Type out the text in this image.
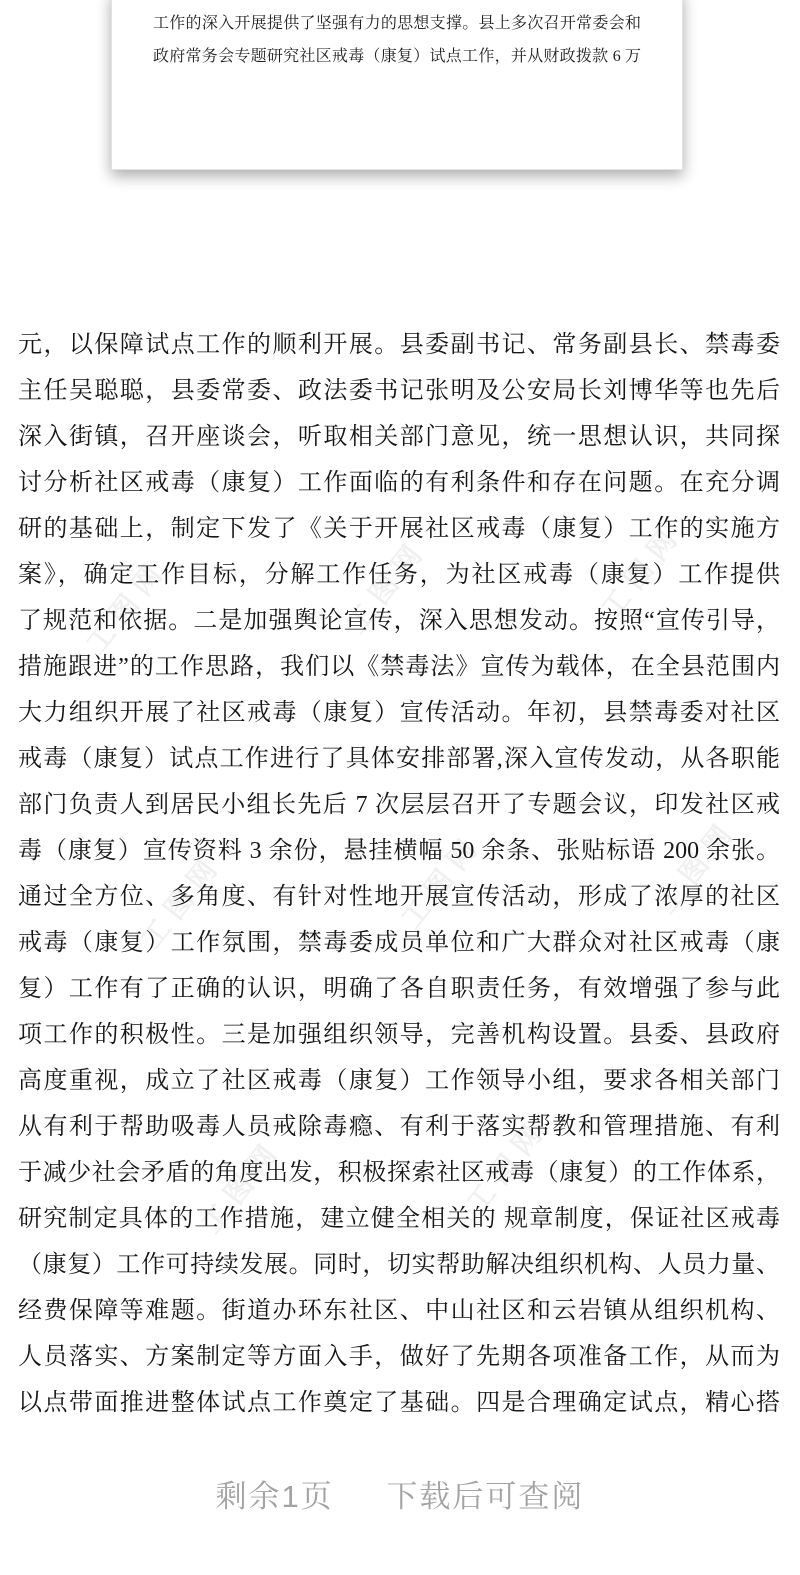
工作的深入开展提供了坚强有力的思想支撑。县上多次召开常委会和
政府常务会专题研究社区戒毒（康复）试点工作，并从财政拨款 6 万
工图网	工图网	工图网
工图网	工图网	工图网
工图网	工图网
元，以保障试点工作的顺利开展。县委副书记、常务副县长、禁毒委
主任吴聪聪，县委常委、政法委书记张明及公安局长刘博华等也先后
深入街镇，召开座谈会，听取相关部门意见，统一思想认识，共同探
讨分析社区戒毒（康复）工作面临的有利条件和存在问题。在充分调
研的基础上，制定下发了《关于开展社区戒毒（康复）工作的实施方
案》，确定工作目标，分解工作任务，为社区戒毒（康复）工作提供
了规范和依据。二是加强舆论宣传，深入思想发动。按照“宣传引导，
措施跟进”的工作思路，我们以《禁毒法》宣传为载体，在全县范围内
大力组织开展了社区戒毒（康复）宣传活动。年初，县禁毒委对社区
戒毒（康复）试点工作进行了具体安排部署,深入宣传发动，从各职能
部门负责人到居民小组长先后 7 次层层召开了专题会议，印发社区戒
毒（康复）宣传资料 3 余份，悬挂横幅 50 余条、张贴标语 200 余张。
通过全方位、多角度、有针对性地开展宣传活动，形成了浓厚的社区
戒毒（康复）工作氛围，禁毒委成员单位和广大群众对社区戒毒（康
复）工作有了正确的认识，明确了各自职责任务，有效增强了参与此
项工作的积极性。三是加强组织领导，完善机构设置。县委、县政府
高度重视，成立了社区戒毒（康复）工作领导小组，要求各相关部门
从有利于帮助吸毒人员戒除毒瘾、有利于落实帮教和管理措施、有利
于减少社会矛盾的角度出发，积极探索社区戒毒（康复）的工作体系，
研究制定具体的工作措施，建立健全相关的 规章制度，保证社区戒毒
（康复）工作可持续发展。同时，切实帮助解决组织机构、人员力量、
经费保障等难题。街道办环东社区、中山社区和云岩镇从组织机构、
人员落实、方案制定等方面入手，做好了先期各项准备工作，从而为
以点带面推进整体试点工作奠定了基础。四是合理确定试点，精心搭
剩余1页 下载后可查阅
